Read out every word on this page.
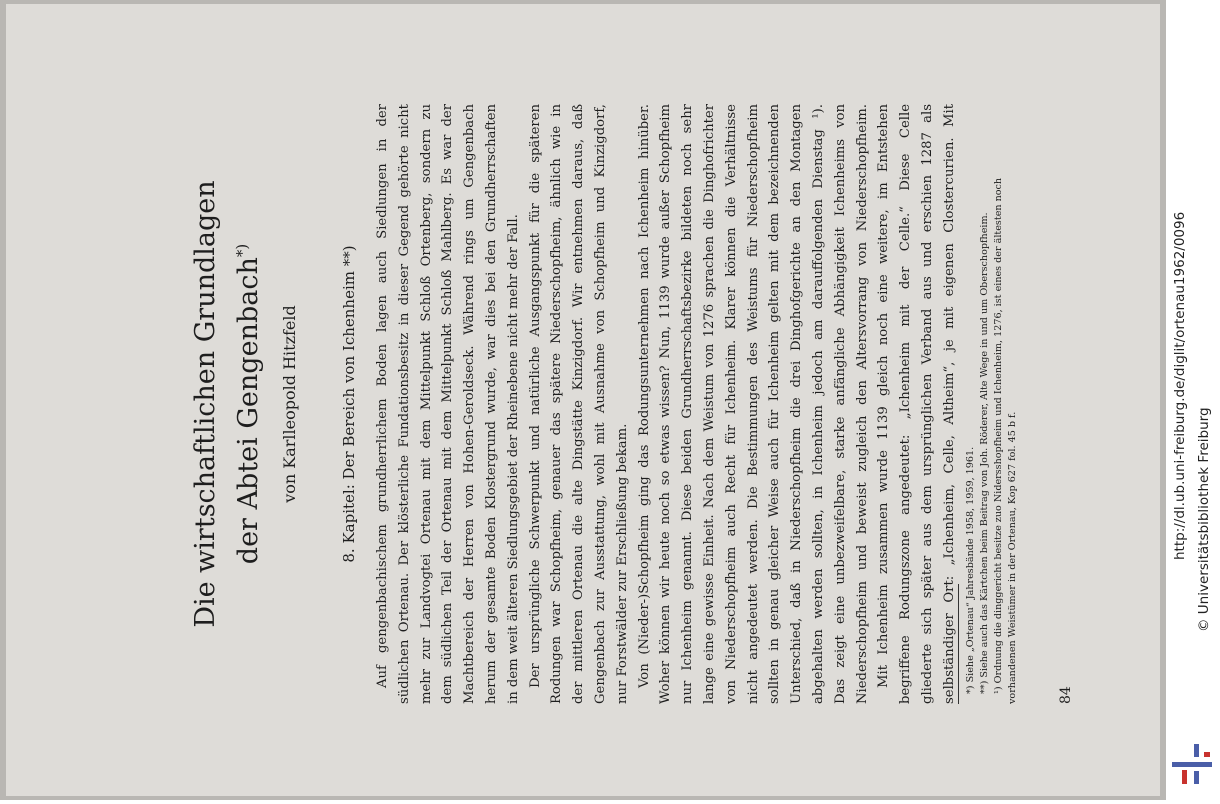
Die wirtschaftlichen Grundlagen der Abtei Gengenbach*)
von Karlleopold Hitzfeld	8. Kapitel: Der Bereich von Ichenheim **) Auf gengenbachischem grundherrlichem Boden lagen auch Siedlungen in der südlichen Ortenau. Der klösterliche Fundationsbesitz in dieser Gegend gehörte nicht mehr zur Landvogtei Ortenau mit dem Mittelpunkt Schloß Ortenberg, sondern zu dem südlichen Teil der Ortenau mit dem Mittelpunkt Schloß Mahlberg. Es war der Machtbereich der Herren von Hohen-Geroldseck. Während rings um Gengenbach herum der gesamte Boden Klostergrund wurde, war dies bei den Grundherrschaften in dem weit älteren Siedlungsgebiet der Rheinebene nicht mehr der Fall. Der ursprüngliche Schwerpunkt und natürliche Ausgangspunkt für die späteren Rodungen war Schopfheim, genauer das spätere Niederschopfheim, ähnlich wie in der mittleren Ortenau die alte Dingstätte Kinzigdorf. Wir entnehmen daraus, daß Gengenbach zur Ausstattung, wohl mit Ausnahme von Schopfheim und Kinzigdorf, nur Forstwälder zur Erschließung bekam. Von (Nieder-)Schopfheim ging das Rodungsunternehmen nach Ichenheim hinüber. Woher können wir heute noch so etwas wissen? Nun, 1139 wurde außer Schopfheim nur Ichenheim genannt. Diese beiden Grundherrschaftsbezirke bildeten noch sehr lange eine gewisse Einheit. Nach dem Weistum von 1276 sprachen die Dinghofrichter von Niederschopfheim auch Recht für Ichenheim. Klarer können die Verhältnisse nicht angedeutet werden. Die Bestimmungen des Weistums für Niederschopfheim sollten in genau gleicher Weise auch für Ichenheim gelten mit dem bezeichnenden Unterschied, daß in Niederschopfheim die drei Dinghofgerichte an den Montagen abgehalten werden sollten, in Ichenheim jedoch am darauffolgenden Dienstag ¹). Das zeigt eine unbezweifelbare, starke anfängliche Abhängigkeit Ichenheims von Niederschopfheim und beweist zugleich den Altersvorrang von Niederschopfheim. Mit Ichenheim zusammen wurde 1139 gleich noch eine weitere, im Entstehen begriffene Rodungszone angedeutet: „Ichenheim mit der Celle.“ Diese Celle gliederte sich später aus dem ursprünglichen Verband aus und erschien 1287 als selbständiger Ort: „Ichenheim, Celle, Altheim“, je mit eigenen Clostercurien. Mit *) Siehe „Ortenau“ Jahresbände 1958, 1959, 1961. **) Siehe auch das Kärtchen beim Beitrag von Joh. Röderer, Alte Wege in und um Oberschopfheim. ¹) Ordnung die dinggericht besitze zuo Nidersshopfheim und Ichenheim, 1276, ist eines der ältesten noch vorhandenen Weistümer in der Ortenau, Kop 627 fol. 45 b f.	84
http://dl.ub.uni-freiburg.de/diglit/ortenau1962/0096 © Universitätsbibliothek Freiburg
